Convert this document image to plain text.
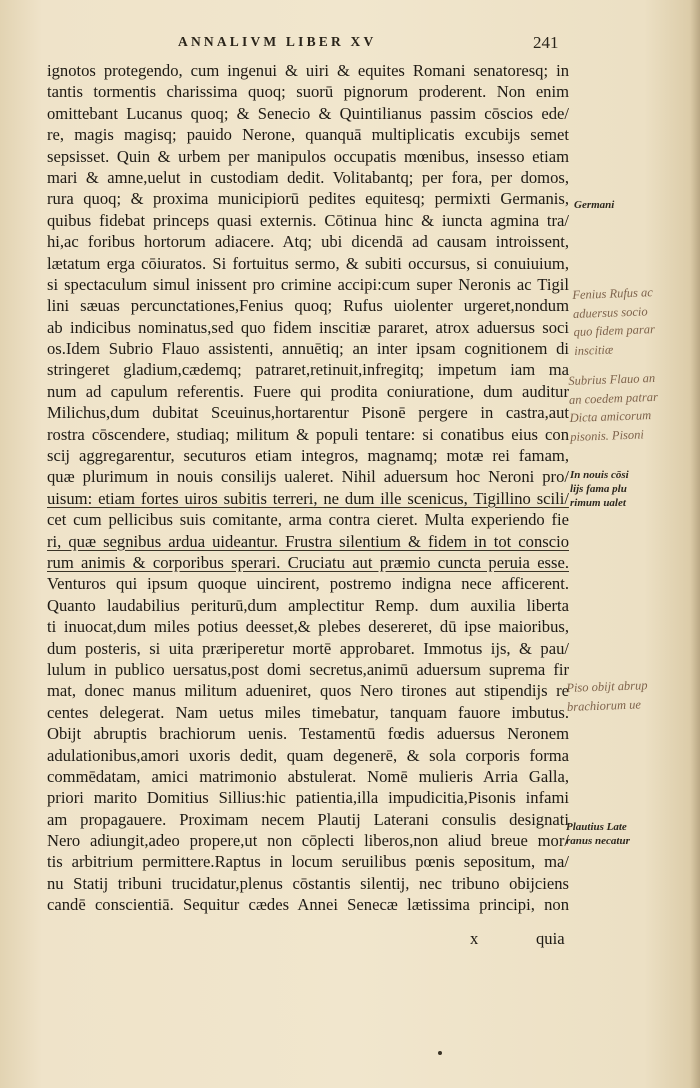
ANNALIVM LIBER XV	241
ignotos protegendo, cum ingenui & uiri & equites Romani senatoresq; in
tantis tormentis charissima quoq; suorū pignorum proderent. Non enim
omittebant Lucanus quoq; & Senecio & Quintilianus passim cōscios ede/
re, magis magisq; pauido Nerone, quanquā multiplicatis excubijs semet
sepsisset. Quin & urbem per manipulos occupatis mœnibus, insesso etiam
mari & amne,uelut in custodiam dedit. Volitabantq; per fora, per domos,
rura quoq; & proxima municipiorū pedites equitesq; permixti Germanis,
quibus fidebat princeps quasi externis. Cōtinua hinc & iuncta agmina tra/
hi,ac foribus hortorum adiacere. Atq; ubi dicendā ad causam introissent,
lætatum erga cōiuratos. Si fortuitus sermo, & subiti occursus, si conuiuium,
si spectaculum simul inissent pro crimine accipi:cum super Neronis ac Tigil
lini sæuas percunctationes,Fenius quoq; Rufus uiolenter urgeret,nondum
ab indicibus nominatus,sed quo fidem inscitiæ pararet, atrox aduersus soci
os.Idem Subrio Flauo assistenti, annuētiq; an inter ipsam cognitionem di
stringeret gladium,cædemq; patraret,retinuit,infregitq; impetum iam ma
num ad capulum referentis. Fuere qui prodita coniuratione, dum auditur
Milichus,dum dubitat Sceuinus,hortarentur Pisonē pergere in castra,aut
rostra cōscendere, studiaq; militum & populi tentare: si conatibus eius con
scij aggregarentur, secuturos etiam integros, magnamq; motæ rei famam,
quæ plurimum in nouis consilijs ualeret. Nihil aduersum hoc Neroni pro/
uisum: etiam fortes uiros subitis terreri, ne dum ille scenicus, Tigillino scili/
cet cum pellicibus suis comitante, arma contra cieret. Multa experiendo fie
ri, quæ segnibus ardua uideantur. Frustra silentium & fidem in tot conscio
rum animis & corporibus sperari. Cruciatu aut præmio cuncta peruia esse.
Venturos qui ipsum quoque uincirent, postremo indigna nece afficerent.
Quanto laudabilius periturū,dum amplectitur Remp. dum auxilia liberta
ti inuocat,dum miles potius deesset,& plebes desereret, dū ipse maioribus,
dum posteris, si uita præriperetur mortē approbaret. Immotus ijs, & pau/
lulum in publico uersatus,post domi secretus,animū aduersum suprema fir
mat, donec manus militum adueniret, quos Nero tirones aut stipendijs re
centes delegerat. Nam uetus miles timebatur, tanquam fauore imbutus.
Obijt abruptis brachiorum uenis. Testamentū fœdis aduersus Neronem
adulationibus,amori uxoris dedit, quam degenerē, & sola corporis forma
commēdatam, amici matrimonio abstulerat. Nomē mulieris Arria Galla,
priori marito Domitius Sillius:hic patientia,illa impudicitia,Pisonis infami
am propagauere. Proximam necem Plautij Laterani consulis designati
Nero adiungit,adeo propere,ut non cōplecti liberos,non aliud breue mor/
tis arbitrium permittere.Raptus in locum seruilibus pœnis sepositum, ma/
nu Statij tribuni trucidatur,plenus cōstantis silentij, nec tribuno obijciens
candē conscientiā. Sequitur cædes Annei Senecæ lætissima principi, non
x	quia
Germani
In nouis cōsi
lijs fama plu
rimum ualet
Plautius Late
ranus necatur
Fenius Rufus ac
aduersus socio
quo fidem parar
inscitiæ
Subrius Flauo an
an coedem patrar
Dicta amicorum
pisonis. Pisoni
Piso obijt abrup
brachiorum ue
